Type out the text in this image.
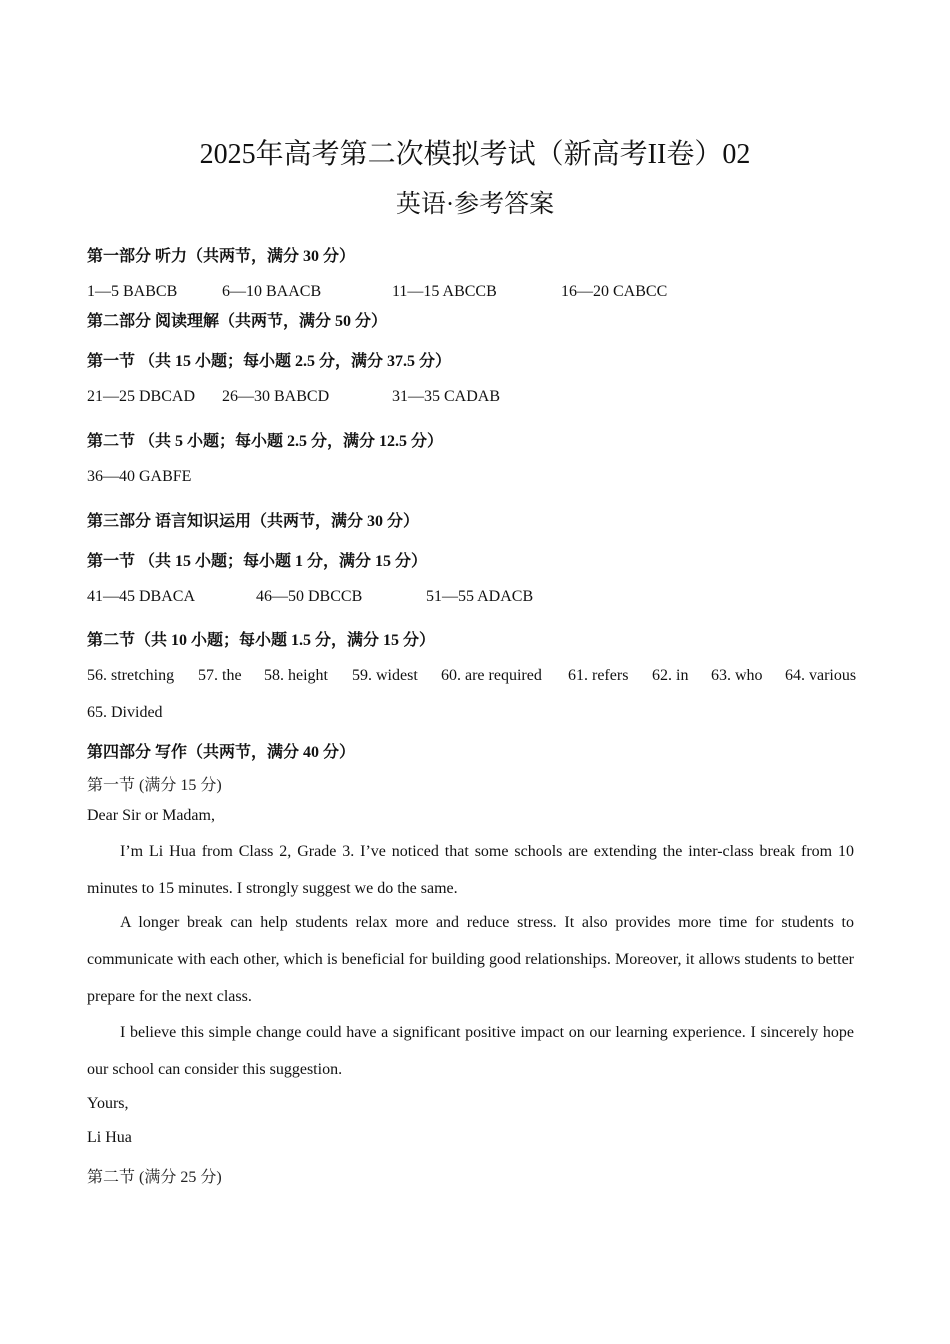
2025年高考第二次模拟考试（新高考II卷）02
英语·参考答案
第一部分 听力（共两节，满分 30 分）
1—5 BABCB	6—10 BAACB	11—15 ABCCB	16—20 CABCC
第二部分 阅读理解（共两节，满分 50 分）
第一节 （共 15 小题；每小题 2.5 分，满分 37.5 分）
21—25 DBCAD 26—30 BABCD	31—35 CADAB
第二节 （共 5 小题；每小题 2.5 分，满分 12.5 分）
36—40 GABFE
第三部分 语言知识运用（共两节，满分 30 分）
第一节 （共 15 小题；每小题 1 分，满分 15 分）
41—45 DBACA	46—50 DBCCB	51—55 ADACB
第二节（共 10 小题；每小题 1.5 分，满分 15 分）
56. stretching 57. the 58. height 59. widest 60. are required 61. refers 62. in 63. who 64. various
65. Divided
第四部分 写作（共两节，满分 40 分）
第一节 (满分 15 分)
Dear Sir or Madam,
I’m Li Hua from Class 2, Grade 3. I’ve noticed that some schools are extending the inter-class break from 10 minutes to 15 minutes. I strongly suggest we do the same.
A longer break can help students relax more and reduce stress. It also provides more time for students to communicate with each other, which is beneficial for building good relationships. Moreover, it allows students to better prepare for the next class.
I believe this simple change could have a significant positive impact on our learning experience. I sincerely hope our school can consider this suggestion.
Yours,
Li Hua
第二节 (满分 25 分)
